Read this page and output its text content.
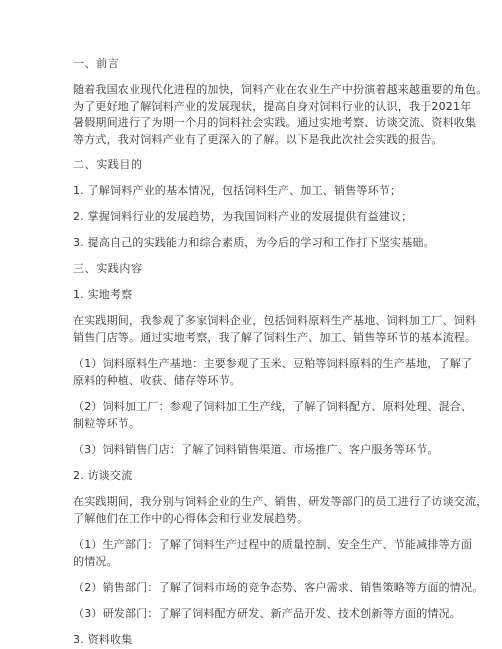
一、前言
随着我国农业现代化进程的加快，饲料产业在农业生产中扮演着越来越重要的角色。
为了更好地了解饲料产业的发展现状，提高自身对饲料行业的认识，我于2021年
暑假期间进行了为期一个月的饲料社会实践。通过实地考察、访谈交流、资料收集
等方式，我对饲料产业有了更深入的了解。以下是我此次社会实践的报告。
二、实践目的
1. 了解饲料产业的基本情况，包括饲料生产、加工、销售等环节；
2. 掌握饲料行业的发展趋势，为我国饲料产业的发展提供有益建议；
3. 提高自己的实践能力和综合素质，为今后的学习和工作打下坚实基础。
三、实践内容
1. 实地考察
在实践期间，我参观了多家饲料企业，包括饲料原料生产基地、饲料加工厂、饲料
销售门店等。通过实地考察，我了解了饲料生产、加工、销售等环节的基本流程。
（1）饲料原料生产基地：主要参观了玉米、豆粕等饲料原料的生产基地，了解了
原料的种植、收获、储存等环节。
（2）饲料加工厂：参观了饲料加工生产线，了解了饲料配方、原料处理、混合、
制粒等环节。
（3）饲料销售门店：了解了饲料销售渠道、市场推广、客户服务等环节。
2. 访谈交流
在实践期间，我分别与饲料企业的生产、销售、研发等部门的员工进行了访谈交流，
了解他们在工作中的心得体会和行业发展趋势。
（1）生产部门：了解了饲料生产过程中的质量控制、安全生产、节能减排等方面
的情况。
（2）销售部门：了解了饲料市场的竞争态势、客户需求、销售策略等方面的情况。
（3）研发部门：了解了饲料配方研发、新产品开发、技术创新等方面的情况。
3. 资料收集
